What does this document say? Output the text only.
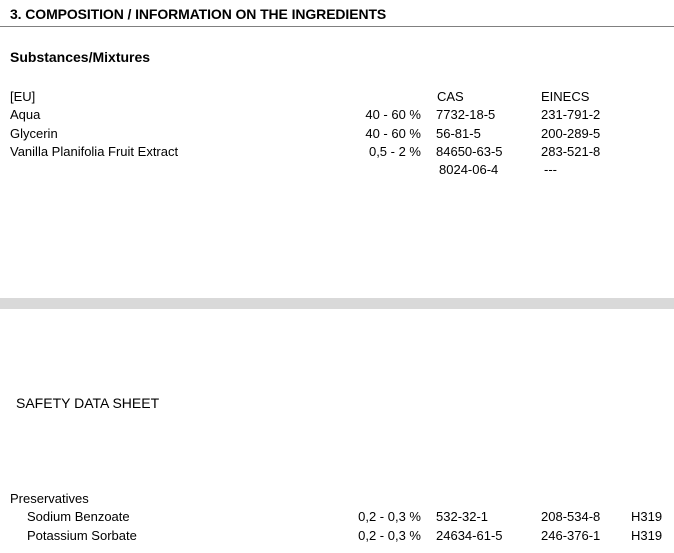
3. COMPOSITION / INFORMATION ON THE INGREDIENTS
Substances/Mixtures
[EU]	CAS	EINECS
Aqua	40 - 60 % 7732-18-5	231-791-2
Glycerin	40 - 60 % 56-81-5	200-289-5
Vanilla Planifolia Fruit Extract	0,5 - 2 % 84650-63-5	283-521-8
8024-06-4	---
SAFETY DATA SHEET
Preservatives
Sodium Benzoate	0,2 - 0,3 % 532-32-1	208-534-8 H319
Potassium Sorbate	0,2 - 0,3 % 24634-61-5	246-376-1 H319
